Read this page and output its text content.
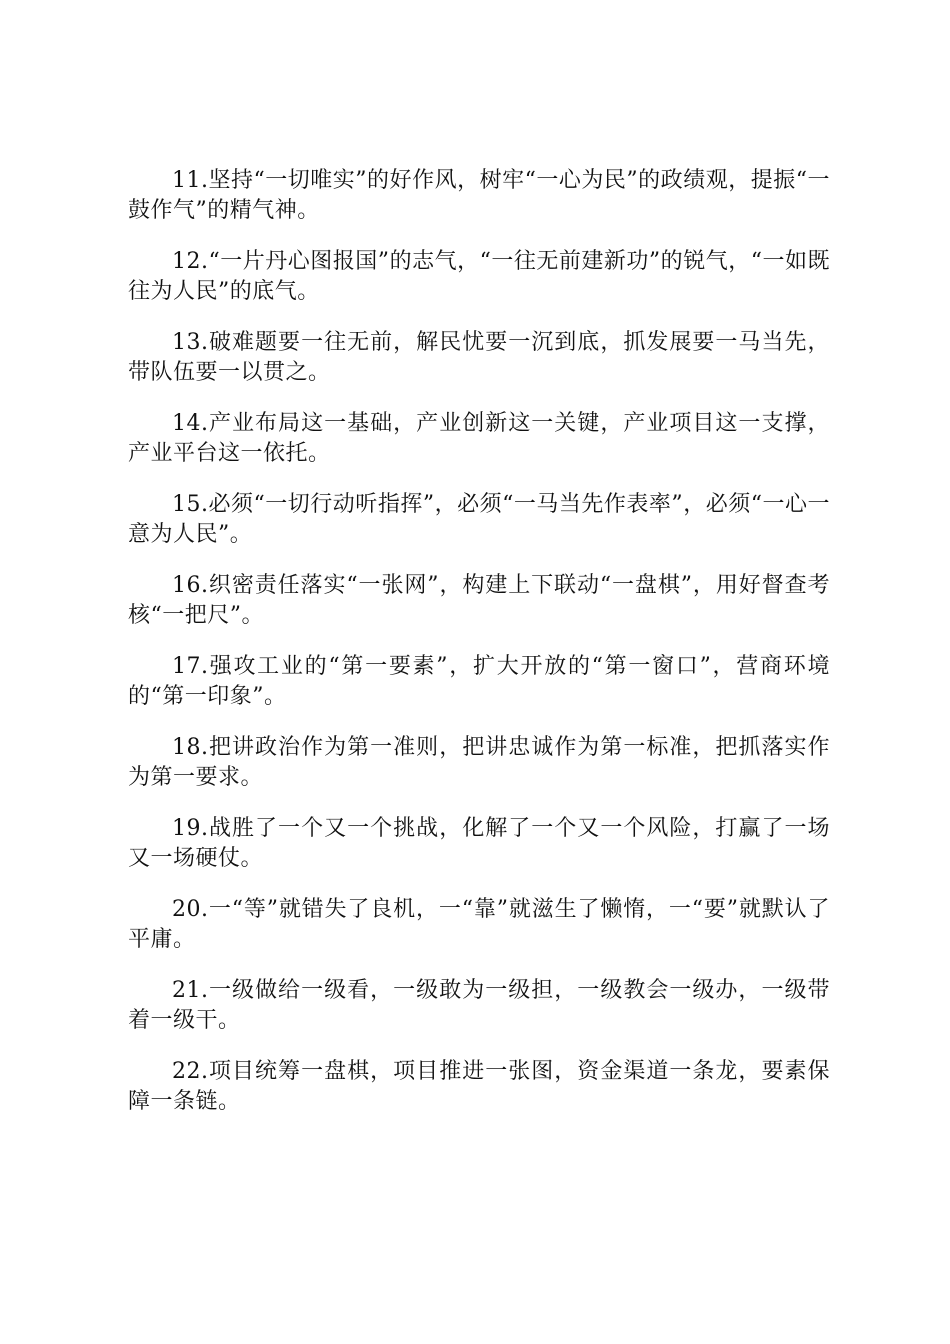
11.坚持“一切唯实”的好作风，树牢“一心为民”的政绩观，提振“一鼓作气”的精气神。

12.“一片丹心图报国”的志气，“一往无前建新功”的锐气，“一如既往为人民”的底气。

13.破难题要一往无前，解民忧要一沉到底，抓发展要一马当先，带队伍要一以贯之。

14.产业布局这一基础，产业创新这一关键，产业项目这一支撑，产业平台这一依托。

15.必须“一切行动听指挥”，必须“一马当先作表率”，必须“一心一意为人民”。

16.织密责任落实“一张网”，构建上下联动“一盘棋”，用好督查考核“一把尺”。

17.强攻工业的“第一要素”，扩大开放的“第一窗口”，营商环境的“第一印象”。

18.把讲政治作为第一准则，把讲忠诚作为第一标准，把抓落实作为第一要求。

19.战胜了一个又一个挑战，化解了一个又一个风险，打赢了一场又一场硬仗。

20.一“等”就错失了良机，一“靠”就滋生了懒惰，一“要”就默认了平庸。

21.一级做给一级看，一级敢为一级担，一级教会一级办，一级带着一级干。

22.项目统筹一盘棋，项目推进一张图，资金渠道一条龙，要素保障一条链。
